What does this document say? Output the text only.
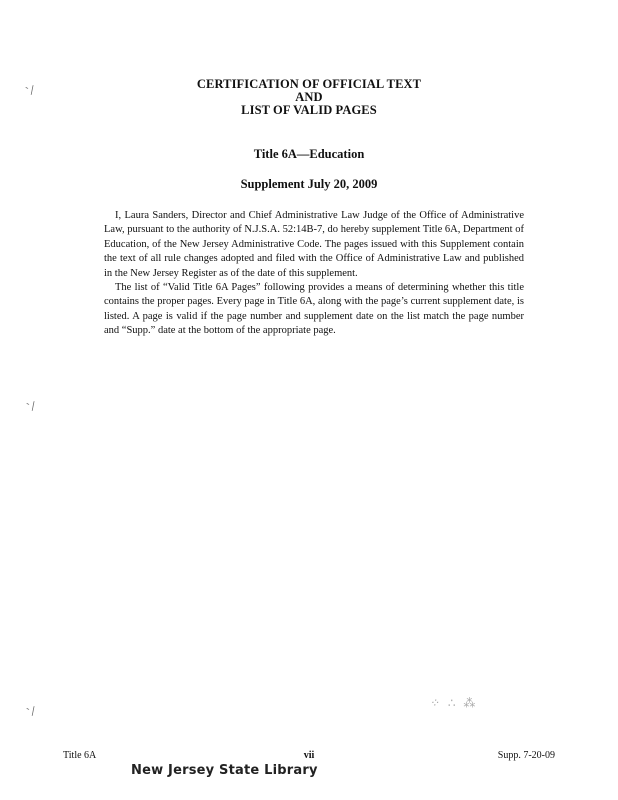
`⁄
`⁄
`⁄
CERTIFICATION OF OFFICIAL TEXT
AND
LIST OF VALID PAGES
Title 6A—Education
Supplement July 20, 2009

I, Laura Sanders, Director and Chief Administrative Law Judge of the Office of Administrative Law, pursuant to the authority of N.J.S.A. 52:14B-7, do hereby supplement Title 6A, Department of Education, of the New Jersey Administrative Code. The pages issued with this Supplement contain the text of all rule changes adopted and filed with the Office of Administrative Law and published in the New Jersey Register as of the date of this supplement.

The list of “Valid Title 6A Pages” following provides a means of determining whether this title contains the proper pages. Every page in Title 6A, along with the page’s current supplement date, is listed. A page is valid if the page number and supplement date on the list match the page number and “Supp.” date at the bottom of the appropriate page.

⁘ ∴ ⁂
Title 6A	vii	Supp. 7-20-09
New Jersey State Library
